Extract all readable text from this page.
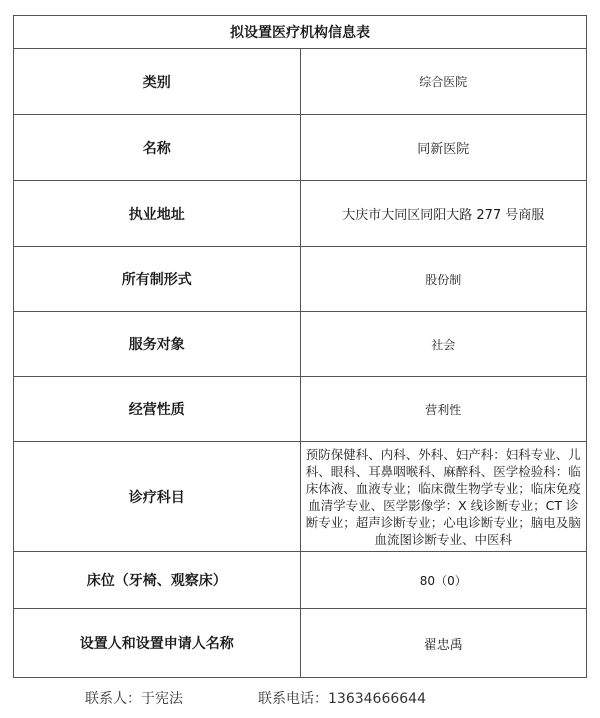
拟设置医疗机构信息表	
类别	综合医院
名称	同新医院
执业地址	大庆市大同区同阳大路 277 号商服
所有制形式	股份制
服务对象	社会
经营性质	营利性
诊疗科目	预防保健科、内科、外科、妇产科：妇科专业、儿科、眼科、耳鼻咽喉科、麻醉科、医学检验科：临床体液、血液专业；临床微生物学专业；临床免疫血清学专业、医学影像学：X 线诊断专业；CT 诊断专业；超声诊断专业；心电诊断专业；脑电及脑血流图诊断专业、中医科
床位（牙椅、观察床）	80（0）
设置人和设置申请人名称	翟忠禹
联系人：于宪法	联系电话：13634666644
